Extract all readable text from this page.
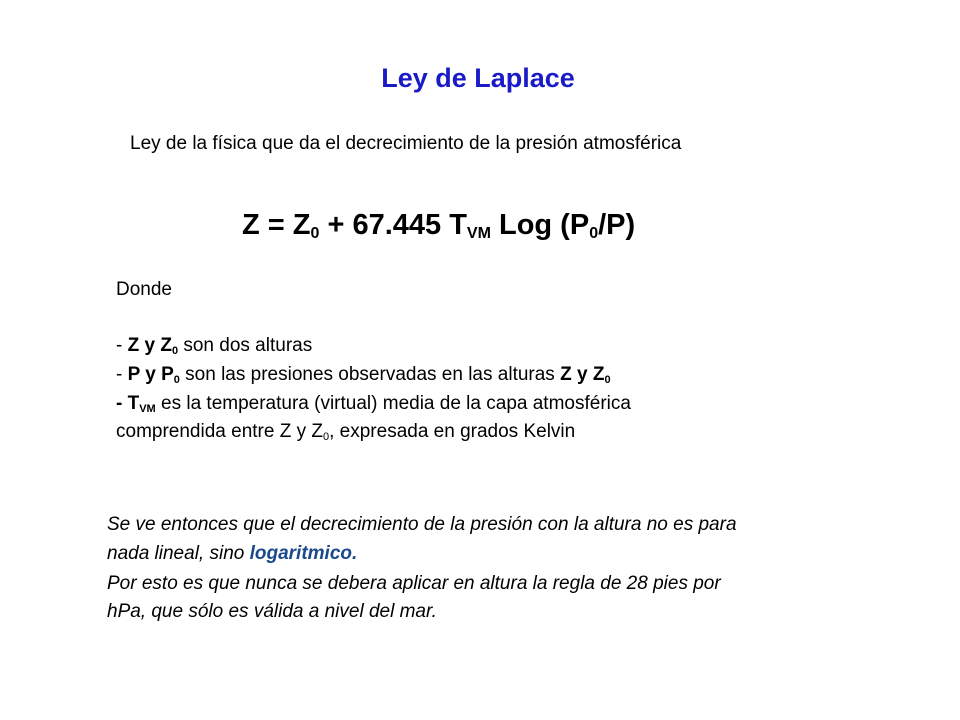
Ley de Laplace
Ley de la física que da el decrecimiento de la presión atmosférica
$Z = Z_0 + 67.445$ $T_{VM}$ Log $(P_0/P)$
Donde
- Z y $Z_0$ son dos alturas
- P y $P_0$ son las presiones observadas en las alturas Z y $Z_0$
- $T_{VM}$ es la temperatura (virtual) media de la capa atmosférica
comprendida entre Z y $Z_0$, expresada en grados Kelvin
Se ve entonces que el decrecimiento de la presión con la altura no es para
nada lineal, sino logaritmico.
Por esto es que nunca se debera aplicar en altura la regla de 28 pies por
hPa, que sólo es válida a nivel del mar.
